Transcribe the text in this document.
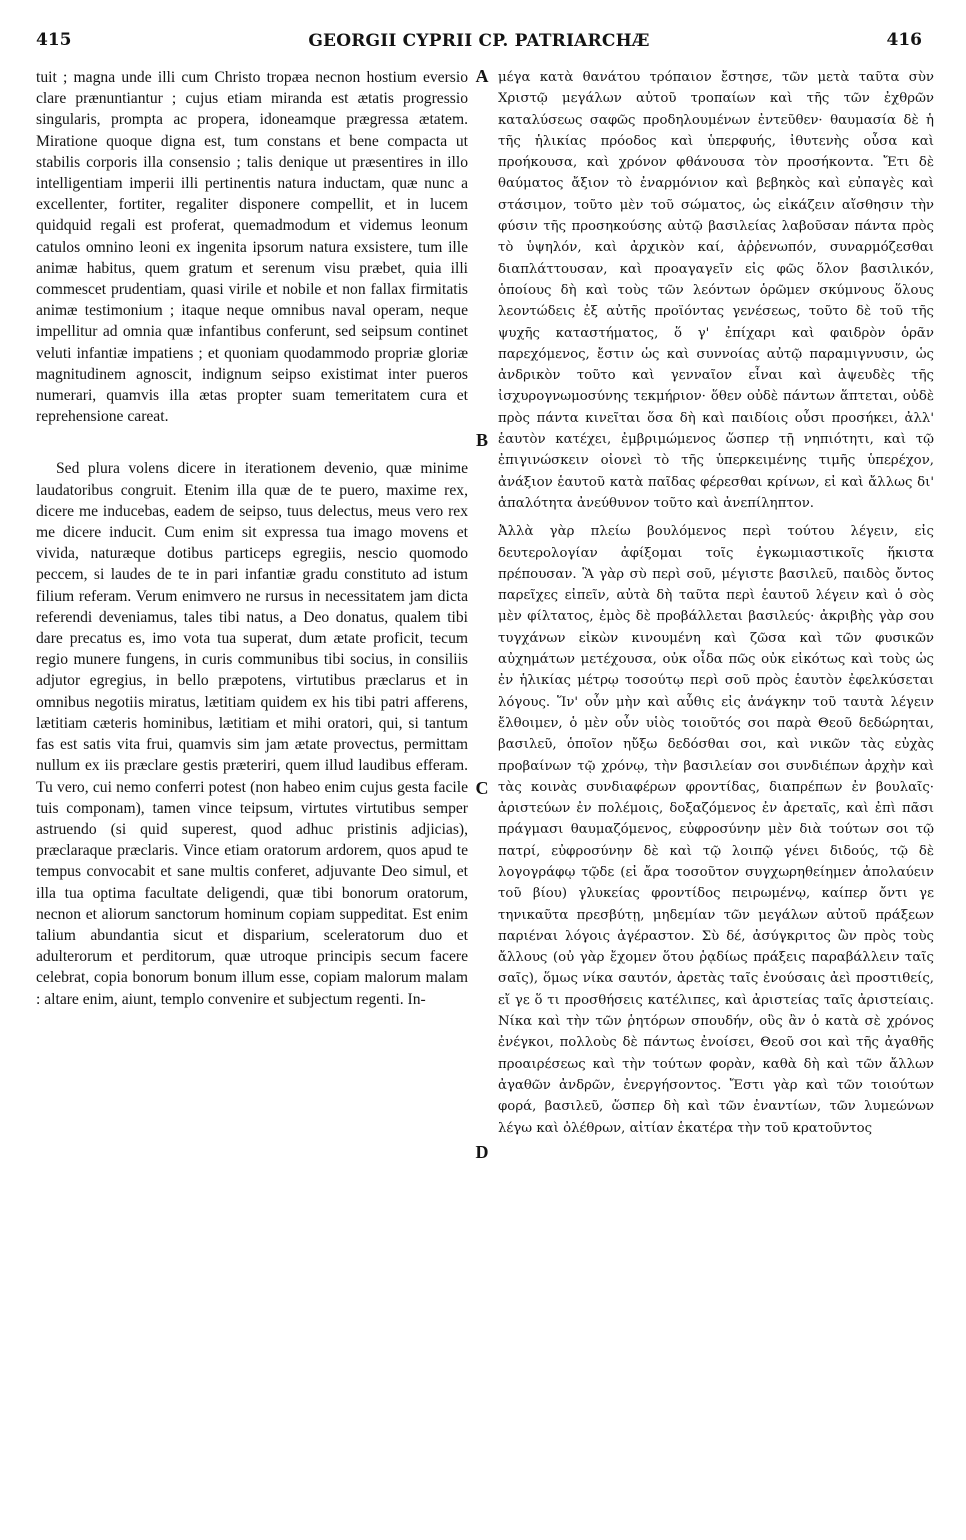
415	GEORGII CYPRII CP. PATRIARCHÆ	416

tuit ; magna unde illi cum Christo tropæa necnon hostium eversio clare prænuntiantur ; cujus etiam miranda est ætatis progressio singularis, prompta ac propera, idoneamque prægressa ætatem. Miratione quoque digna est, tum constans et bene compacta ut stabilis corporis illa consensio ; talis denique ut præsentires in illo intelligentiam imperii illi pertinentis natura inductam, quæ nunc a excellenter, fortiter, regaliter disponere compellit, et in lucem quidquid regali est proferat, quemadmodum et videmus leonum catulos omnino leoni ex ingenita ipsorum natura exsistere, tum ille animæ habitus, quem gratum et serenum visu præbet, quia illi commescet prudentiam, quasi virile et nobile et non fallax firmitatis animæ testimonium ; itaque neque omnibus naval operam, neque impellitur ad omnia quæ infantibus conferunt, sed seipsum continet veluti infantiæ impatiens ; et quoniam quodammodo propriæ gloriæ magnitudinem agnoscit, indignum seipso existimat inter pueros numerari, quamvis illa ætas propter suam temeritatem cura et reprehensione careat.

Sed plura volens dicere in iterationem devenio, quæ minime laudatoribus congruit. Etenim illa quæ de te puero, maxime rex, dicere me inducebas, eadem de seipso, tuus delectus, meus vero rex me dicere inducit. Cum enim sit expressa tua imago movens et vivida, naturæque dotibus particeps egregiis, nescio quomodo peccem, si laudes de te in pari infantiæ gradu constituto ad istum filium referam. Verum enimvero ne rursus in necessitatem jam dicta referendi deveniamus, tales tibi natus, a Deo donatus, qualem tibi dare precatus es, imo vota tua superat, dum ætate proficit, tecum regio munere fungens, in curis communibus tibi socius, in consiliis adjutor egregius, in bello præpotens, virtutibus præclarus et in omnibus negotiis miratus, lætitiam quidem ex his tibi patri afferens, lætitiam cæteris hominibus, lætitiam et mihi oratori, qui, si tantum fas est satis vita frui, quamvis sim jam ætate provectus, permittam nullum ex iis præclare gestis præteriri, quem illud laudibus efferam. Tu vero, cui nemo conferri potest (non habeo enim cujus gesta facile tuis componam), tamen vince teipsum, virtutes virtutibus semper astruendo (si quid superest, quod adhuc pristinis adjicias), præclaraque præclaris. Vince etiam oratorum ardorem, quos apud te tempus convocabit et sane multis conferet, adjuvante Deo simul, et illa tua optima facultate deligendi, quæ tibi bonorum oratorum, necnon et aliorum sanctorum hominum copiam suppeditat. Est enim talium abundantia sicut et disparium, sceleratorum duo et adulterorum et perditorum, quæ utroque principis secum facere celebrat, copia bonorum bonum illum esse, copiam malorum malam : altare enim, aiunt, templo convenire et subjectum regenti. In-

μέγα κατὰ θανάτου τρόπαιον ἔστησε, τῶν μετὰ ταῦτα σὺν Χριστῷ μεγάλων αὐτοῦ τροπαίων καὶ τῆς τῶν ἐχθρῶν καταλύσεως σαφῶς προδηλουμένων ἐντεῦθεν· θαυμασία δὲ ἡ τῆς ἡλικίας πρόοδος καὶ ὑπερφυής, ἰθυτενὴς οὖσα καὶ προήκουσα, καὶ χρόνον φθάνουσα τὸν προσήκοντα. Ἔτι δὲ θαύματος ἄξιον τὸ ἐναρμόνιον καὶ βεβηκὸς καὶ εὐπαγὲς καὶ στάσιμον, τοῦτο μὲν τοῦ σώματος, ὡς εἰκάζειν αἴσθησιν τὴν φύσιν τῆς προσηκούσης αὐτῷ βασιλείας λαβοῦσαν πάντα πρὸς τὸ ὑψηλόν, καὶ ἀρχικὸν καί, ἀῤῥενωπόν, συναρμόζεσθαι διαπλάττουσαν, καὶ προαγαγεῖν εἰς φῶς ὅλον βασιλικόν, ὁποίους δὴ καὶ τοὺς τῶν λεόντων ὁρῶμεν σκύμνους ὅλους λεοντώδεις ἐξ αὐτῆς προϊόντας γενέσεως, τοῦτο δὲ τοῦ τῆς ψυχῆς καταστήματος, ὅ γ' ἐπίχαρι καὶ φαιδρὸν ὁρᾶν παρεχόμενος, ἔστιν ὡς καὶ συννοίας αὐτῷ παραμιγνυσιν, ὡς ἀνδρικὸν τοῦτο καὶ γενναῖον εἶναι καὶ ἀψευδὲς τῆς ἰσχυρογνωμοσύνης τεκμήριον· ὅθεν οὐδὲ πάντων ἅπτεται, οὐδὲ πρὸς πάντα κινεῖται ὅσα δὴ καὶ παιδίοις οὖσι προσήκει, ἀλλ' ἑαυτὸν κατέχει, ἐμβριμώμενος ὥσπερ τῇ νηπιότητι, καὶ τῷ ἐπιγινώσκειν οἰονεὶ τὸ τῆς ὑπερκειμένης τιμῆς ὑπερέχον, ἀνάξιον ἑαυτοῦ κατὰ παῖδας φέρεσθαι κρίνων, εἰ καὶ ἄλλως δι' ἁπαλότητα ἀνεύθυνον τοῦτο καὶ ἀνεπίληπτον.

Ἀλλὰ γὰρ πλείω βουλόμενος περὶ τούτου λέγειν, εἰς δευτερολογίαν ἀφίξομαι τοῖς ἐγκωμιαστικοῖς ἥκιστα πρέπουσαν. Ἃ γὰρ σὺ περὶ σοῦ, μέγιστε βασιλεῦ, παιδὸς ὄντος παρεῖχες εἰπεῖν, αὐτὰ δὴ ταῦτα περὶ ἑαυτοῦ λέγειν καὶ ὁ σὸς μὲν φίλτατος, ἐμὸς δὲ προβάλλεται βασιλεύς· ἀκριβὴς γὰρ σου τυγχάνων εἰκὼν κινουμένη καὶ ζῶσα καὶ τῶν φυσικῶν αὐχημάτων μετέχουσα, οὐκ οἶδα πῶς οὐκ εἰκότως καὶ τοὺς ὡς ἐν ἡλικίας μέτρῳ τοσούτῳ περὶ σοῦ πρὸς ἑαυτὸν ἐφελκύσεται λόγους. Ἵν' οὖν μὴν καὶ αὖθις εἰς ἀνάγκην τοῦ ταυτὰ λέγειν ἔλθοιμεν, ὁ μὲν οὖν υἱὸς τοιοῦτός σοι παρὰ Θεοῦ δεδώρηται, βασιλεῦ, ὁποῖον ηὔξω δεδόσθαι σοι, καὶ νικῶν τὰς εὐχὰς προβαίνων τῷ χρόνῳ, τὴν βασιλείαν σοι συνδιέπων ἀρχὴν καὶ τὰς κοινὰς συνδιαφέρων φροντίδας, διαπρέπων ἐν βουλαῖς· ἀριστεύων ἐν πολέμοις, δοξαζόμενος ἐν ἀρεταῖς, καὶ ἐπὶ πᾶσι πράγμασι θαυμαζόμενος, εὐφροσύνην μὲν διὰ τούτων σοι τῷ πατρί, εὐφροσύνην δὲ καὶ τῷ λοιπῷ γένει διδούς, τῷ δὲ λογογράφῳ τῷδε (εἰ ἄρα τοσοῦτον συγχωρηθείημεν ἀπολαύειν τοῦ βίου) γλυκείας φροντίδος πειρωμένῳ, καίπερ ὄντι γε τηνικαῦτα πρεσβύτῃ, μηδεμίαν τῶν μεγάλων αὐτοῦ πράξεων παριέναι λόγοις ἀγέραστον. Σὺ δέ, ἀσύγκριτος ὢν πρὸς τοὺς ἄλλους (οὐ γὰρ ἔχομεν ὅτου ῥᾳδίως πράξεις παραβάλλειν ταῖς σαῖς), ὅμως νίκα σαυτόν, ἀρετὰς ταῖς ἐνούσαις ἀεὶ προστιθείς, εἴ γε ὅ τι προσθήσεις κατέλιπες, καὶ ἀριστείας ταῖς ἀριστείαις. Νίκα καὶ τὴν τῶν ῥητόρων σπουδήν, οὓς ἂν ὁ κατὰ σὲ χρόνος ἐνέγκοι, πολλοὺς δὲ πάντως ἐνοίσει, Θεοῦ σοι καὶ τῆς ἀγαθῆς προαιρέσεως καὶ τὴν τούτων φορὰν, καθὰ δὴ καὶ τῶν ἄλλων ἀγαθῶν ἀνδρῶν, ἐνεργήσοντος. Ἔστι γὰρ καὶ τῶν τοιούτων φορά, βασιλεῦ, ὥσπερ δὴ καὶ τῶν ἐναντίων, τῶν λυμεώνων λέγω καὶ ὀλέθρων, αἰτίαν ἑκατέρα τὴν τοῦ κρατοῦντος

A
B
C
D
